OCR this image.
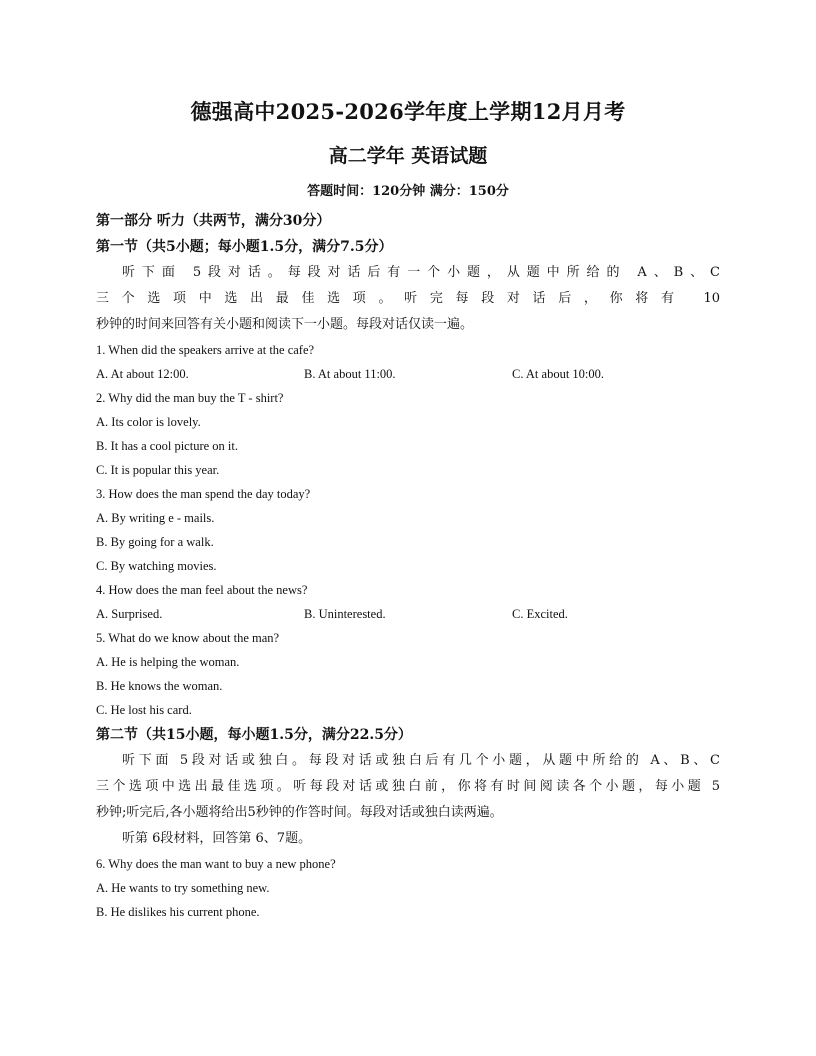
德强高中2025-2026学年度上学期12月月考
高二学年 英语试题
答题时间：120分钟 满分：150分
第一部分 听力（共两节，满分30分）
第一节（共5小题；每小题1.5分，满分7.5分）

听下面 5段对话。每段对话后有一个小题，从题中所给的 A、B、C
三个选项中选出最佳选项。听完每段对话后，你将有 10
秒钟的时间来回答有关小题和阅读下一小题。每段对话仅读一遍。

1. When did the speakers arrive at the cafe?
A. At about 12:00.	B. At about 11:00.	C. At about 10:00.
2. Why did the man buy the T - shirt?
A. Its color is lovely.
B. It has a cool picture on it.
C. It is popular this year.
3. How does the man spend the day today?
A. By writing e - mails.
B. By going for a walk.
C. By watching movies.
4. How does the man feel about the news?
A. Surprised.	B. Uninterested.	C. Excited.
5. What do we know about the man?
A. He is helping the woman.
B. He knows the woman.
C. He lost his card.
第二节（共15小题，每小题1.5分，满分22.5分）

听下面 5段对话或独白。每段对话或独白后有几个小题，从题中所给的 A、B、C
三个选项中选出最佳选项。听每段对话或独白前，你将有时间阅读各个小题，每小题 5
秒钟;听完后,各小题将给出5秒钟的作答时间。每段对话或独白读两遍。

听第 6段材料，回答第 6、7题。
6. Why does the man want to buy a new phone?
A. He wants to try something new.
B. He dislikes his current phone.
